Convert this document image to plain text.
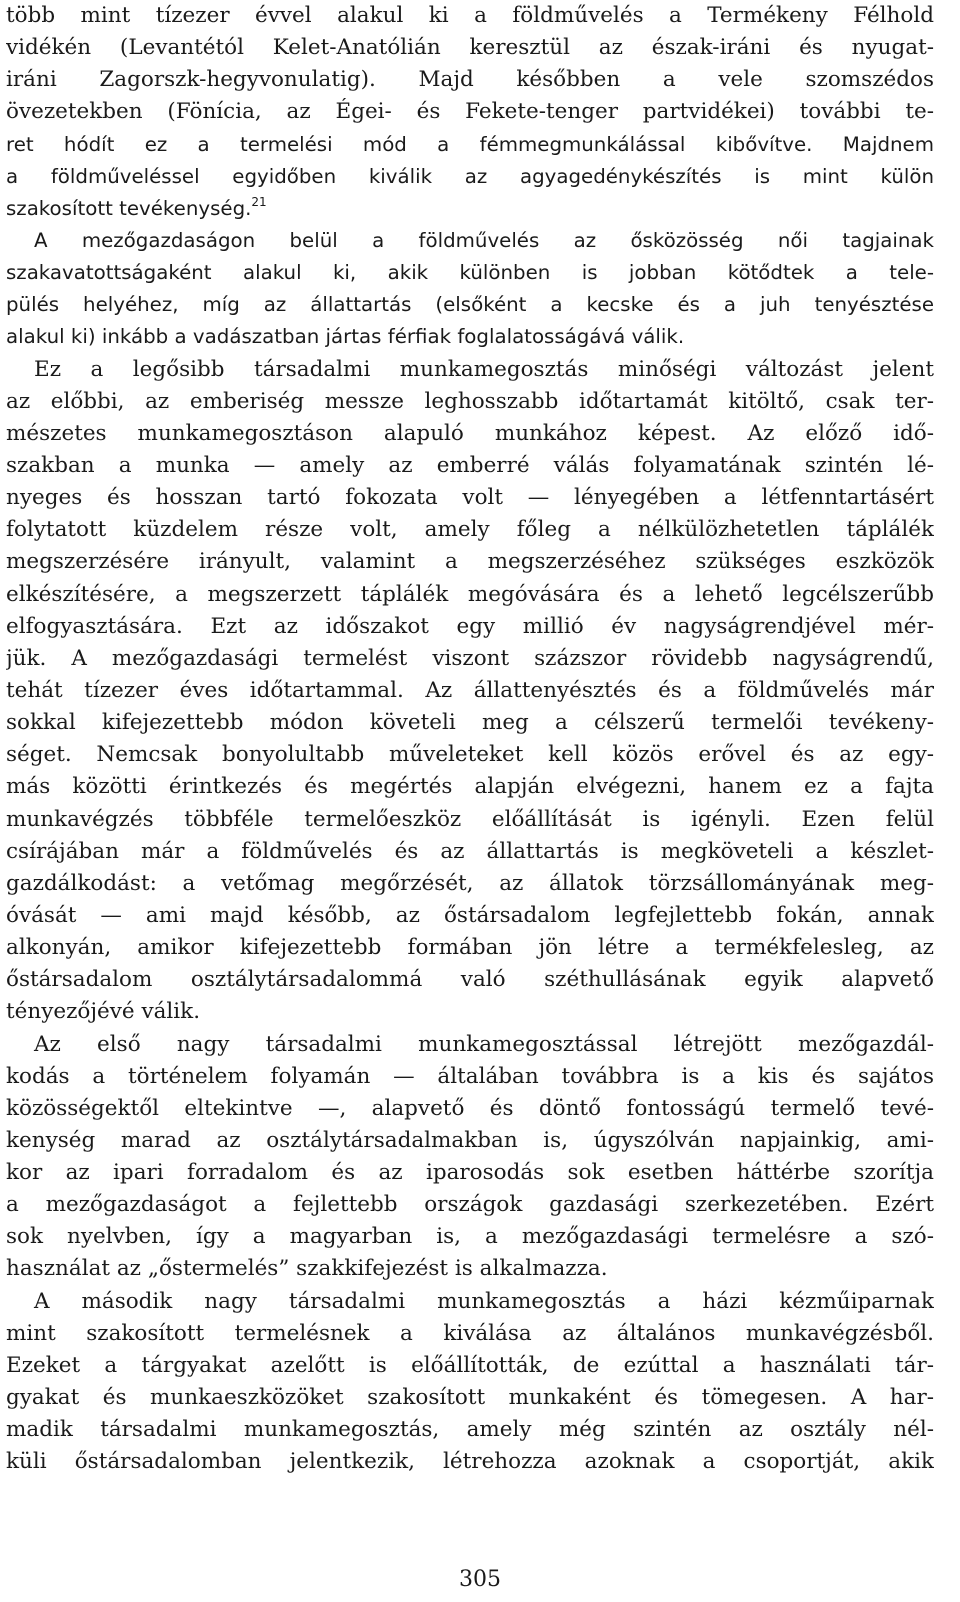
több mint tízezer évvel alakul ki a földművelés a Termékeny Félhold
vidékén (Levantétól Kelet-Anatólián keresztül az észak-iráni és nyugat-
iráni Zagorszk-hegyvonulatig). Majd későbben a vele szomszédos
övezetekben (Fönícia, az Égei- és Fekete-tenger partvidékei) további te-
ret hódít ez a termelési mód a fémmegmunkálással kibővítve. Majdnem
a földműveléssel egyidőben kiválik az agyagedénykészítés is mint külön
szakosított tevékenység.$^{21}$
A mezőgazdaságon belül a földművelés az ősközösség női tagjainak
szakavatottságaként alakul ki, akik különben is jobban kötődtek a tele-
pülés helyéhez, míg az állattartás (elsőként a kecske és a juh tenyésztése
alakul ki) inkább a vadászatban jártas férfiak foglalatosságává válik.
Ez a legősibb társadalmi munkamegosztás minőségi változást jelent
az előbbi, az emberiség messze leghosszabb időtartamát kitöltő, csak ter-
mészetes munkamegosztáson alapuló munkához képest. Az előző idő-
szakban a munka — amely az emberré válás folyamatának szintén lé-
nyeges és hosszan tartó fokozata volt — lényegében a létfenntartásért
folytatott küzdelem része volt, amely főleg a nélkülözhetetlen táplálék
megszerzésére irányult, valamint a megszerzéséhez szükséges eszközök
elkészítésére, a megszerzett táplálék megóvására és a lehető legcélszerűbb
elfogyasztására. Ezt az időszakot egy millió év nagyságrendjével mér-
jük. A mezőgazdasági termelést viszont százszor rövidebb nagyságrendű,
tehát tízezer éves időtartammal. Az állattenyésztés és a földművelés már
sokkal kifejezettebb módon követeli meg a célszerű termelői tevékeny-
séget. Nemcsak bonyolultabb műveleteket kell közös erővel és az egy-
más közötti érintkezés és megértés alapján elvégezni, hanem ez a fajta
munkavégzés többféle termelőeszköz előállítását is igényli. Ezen felül
csírájában már a földművelés és az állattartás is megköveteli a készlet-
gazdálkodást: a vetőmag megőrzését, az állatok törzsállományának meg-
óvását — ami majd később, az őstársadalom legfejlettebb fokán, annak
alkonyán, amikor kifejezettebb formában jön létre a termékfelesleg, az
őstársadalom osztálytársadalommá való széthullásának egyik alapvető
tényezőjévé válik.
Az első nagy társadalmi munkamegosztással létrejött mezőgazdál-
kodás a történelem folyamán — általában továbbra is a kis és sajátos
közösségektől eltekintve —, alapvető és döntő fontosságú termelő tevé-
kenység marad az osztálytársadalmakban is, úgyszólván napjainkig, ami-
kor az ipari forradalom és az iparosodás sok esetben háttérbe szorítja
a mezőgazdaságot a fejlettebb országok gazdasági szerkezetében. Ezért
sok nyelvben, így a magyarban is, a mezőgazdasági termelésre a szó-
használat az „őstermelés” szakkifejezést is alkalmazza.
A második nagy társadalmi munkamegosztás a házi kézműiparnak
mint szakosított termelésnek a kiválása az általános munkavégzésből.
Ezeket a tárgyakat azelőtt is előállították, de ezúttal a használati tár-
gyakat és munkaeszközöket szakosított munkaként és tömegesen. A har-
madik társadalmi munkamegosztás, amely még szintén az osztály nél-
küli őstársadalomban jelentkezik, létrehozza azoknak a csoportját, akik
305
